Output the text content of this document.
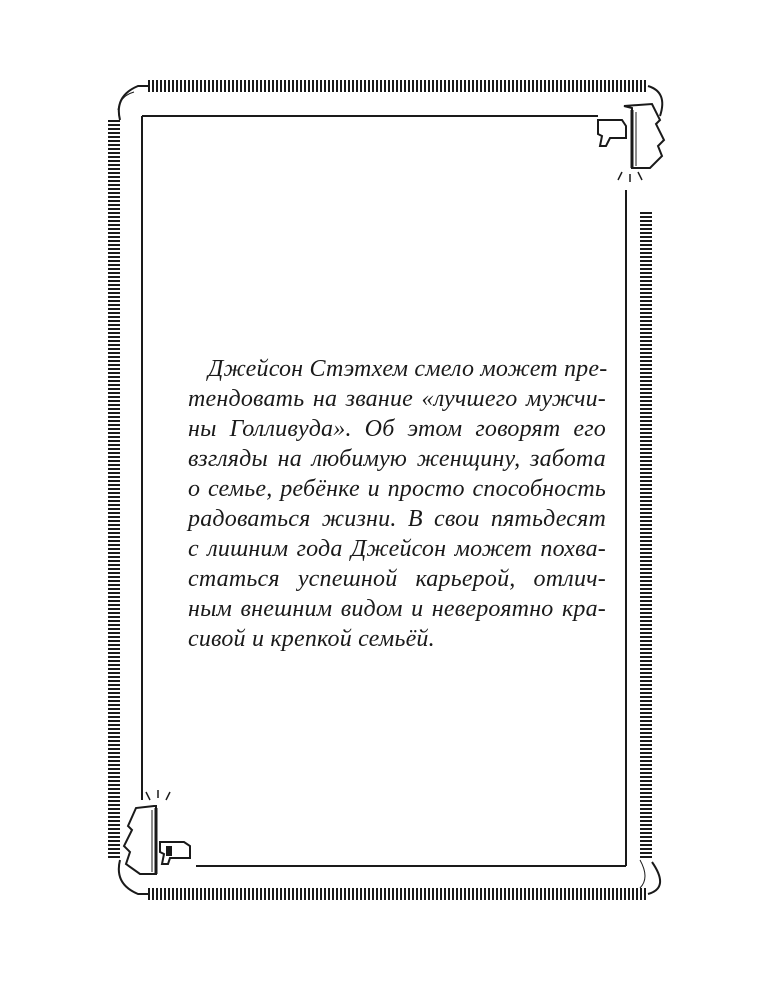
Джейсон Стэтхем смело может пре-
тендовать на звание «лучшего мужчи-
ны Голливуда». Об этом говорят его
взгляды на любимую женщину, забота
о семье, ребёнке и просто способность
радоваться жизни. В свои пятьдесят
с лишним года Джейсон может похва-
статься успешной карьерой, отлич-
ным внешним видом и невероятно кра-
сивой и крепкой семьёй.
